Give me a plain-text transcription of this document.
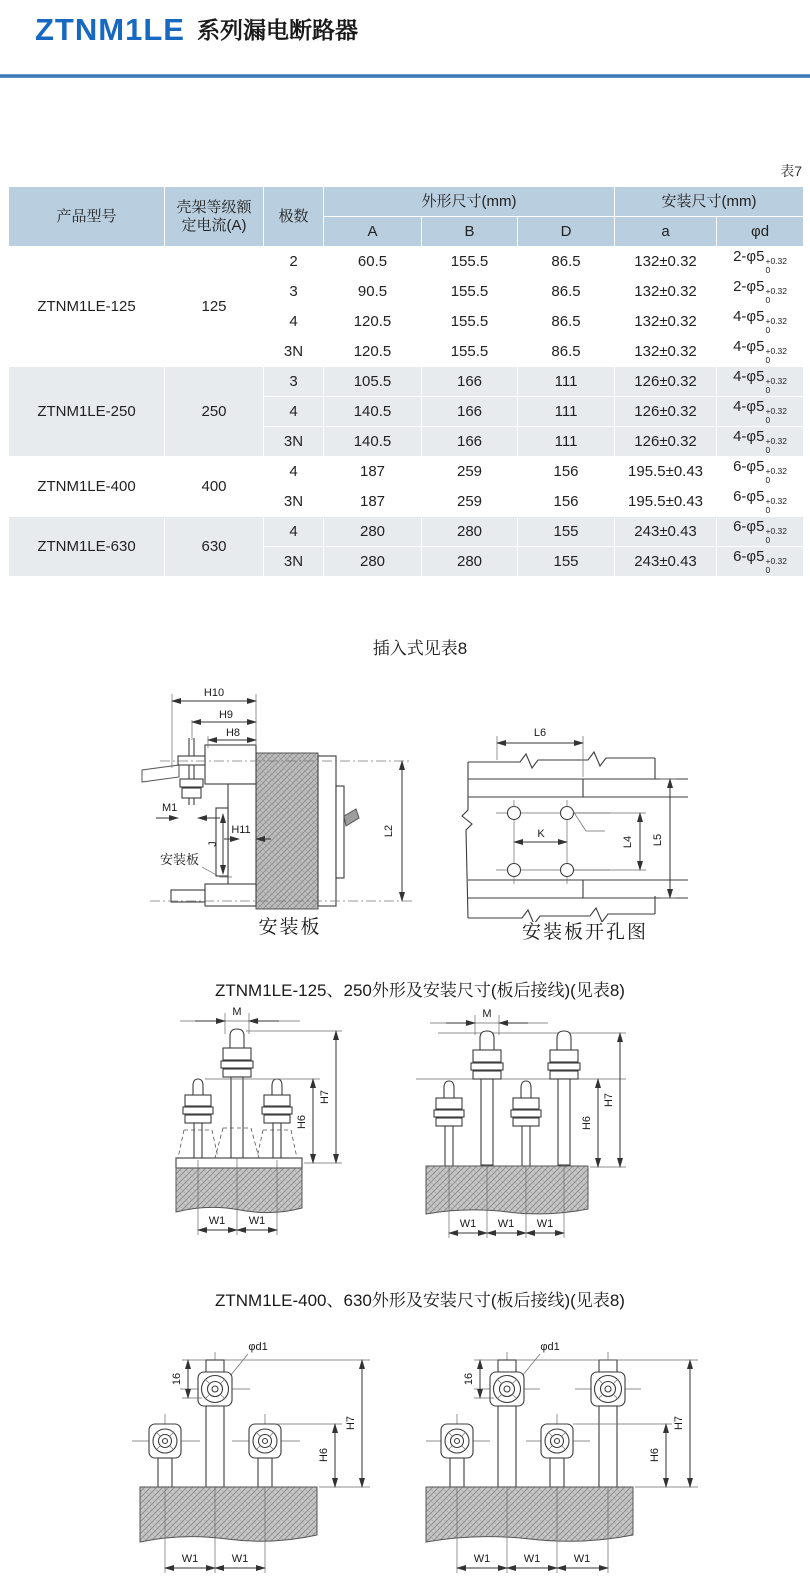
ZTNM1LE 系列漏电断路器
表7
产品型号	壳架等级额定电流(A)	极数	外形尺寸(mm)			安装尺寸(mm)	
			A	B	D	a	φd
ZTNM1LE-125	125	2	60.5	155.5	86.5	132±0.32	2-φ5 +0.32
0

		3	90.5	155.5	86.5	132±0.32	2-φ5 +0.32
0

		4	120.5	155.5	86.5	132±0.32	4-φ5 +0.32
0

		3N	120.5	155.5	86.5	132±0.32	4-φ5 +0.32
0

ZTNM1LE-250	250	3	105.5	166	111	126±0.32	4-φ5 +0.32
0

		4	140.5	166	111	126±0.32	4-φ5 +0.32
0

		3N	140.5	166	111	126±0.32	4-φ5 +0.32
0

ZTNM1LE-400	400	4	187	259	156	195.5±0.43	6-φ5 +0.32
0

		3N	187	259	156	195.5±0.43	6-φ5 +0.32
0

ZTNM1LE-630	630	4	280	280	155	243±0.43	6-φ5 +0.32
0

		3N	280	280	155	243±0.43	6-φ5 +0.32
0
插入式见表8
H10
H9
H8
M1
H11
J
L2
安装板
安装板
L6
K
L4 L5
安装板开孔图
ZTNM1LE-125、250外形及安装尺寸(板后接线)(见表8)
M
W1 W1
H7
H6
M
W1 W1 W1
H7
H6
ZTNM1LE-400、630外形及安装尺寸(板后接线)(见表8)
φd1
16
H7
H6
W1	W1
φd1
16
H7
H6
W1	W1	W1
